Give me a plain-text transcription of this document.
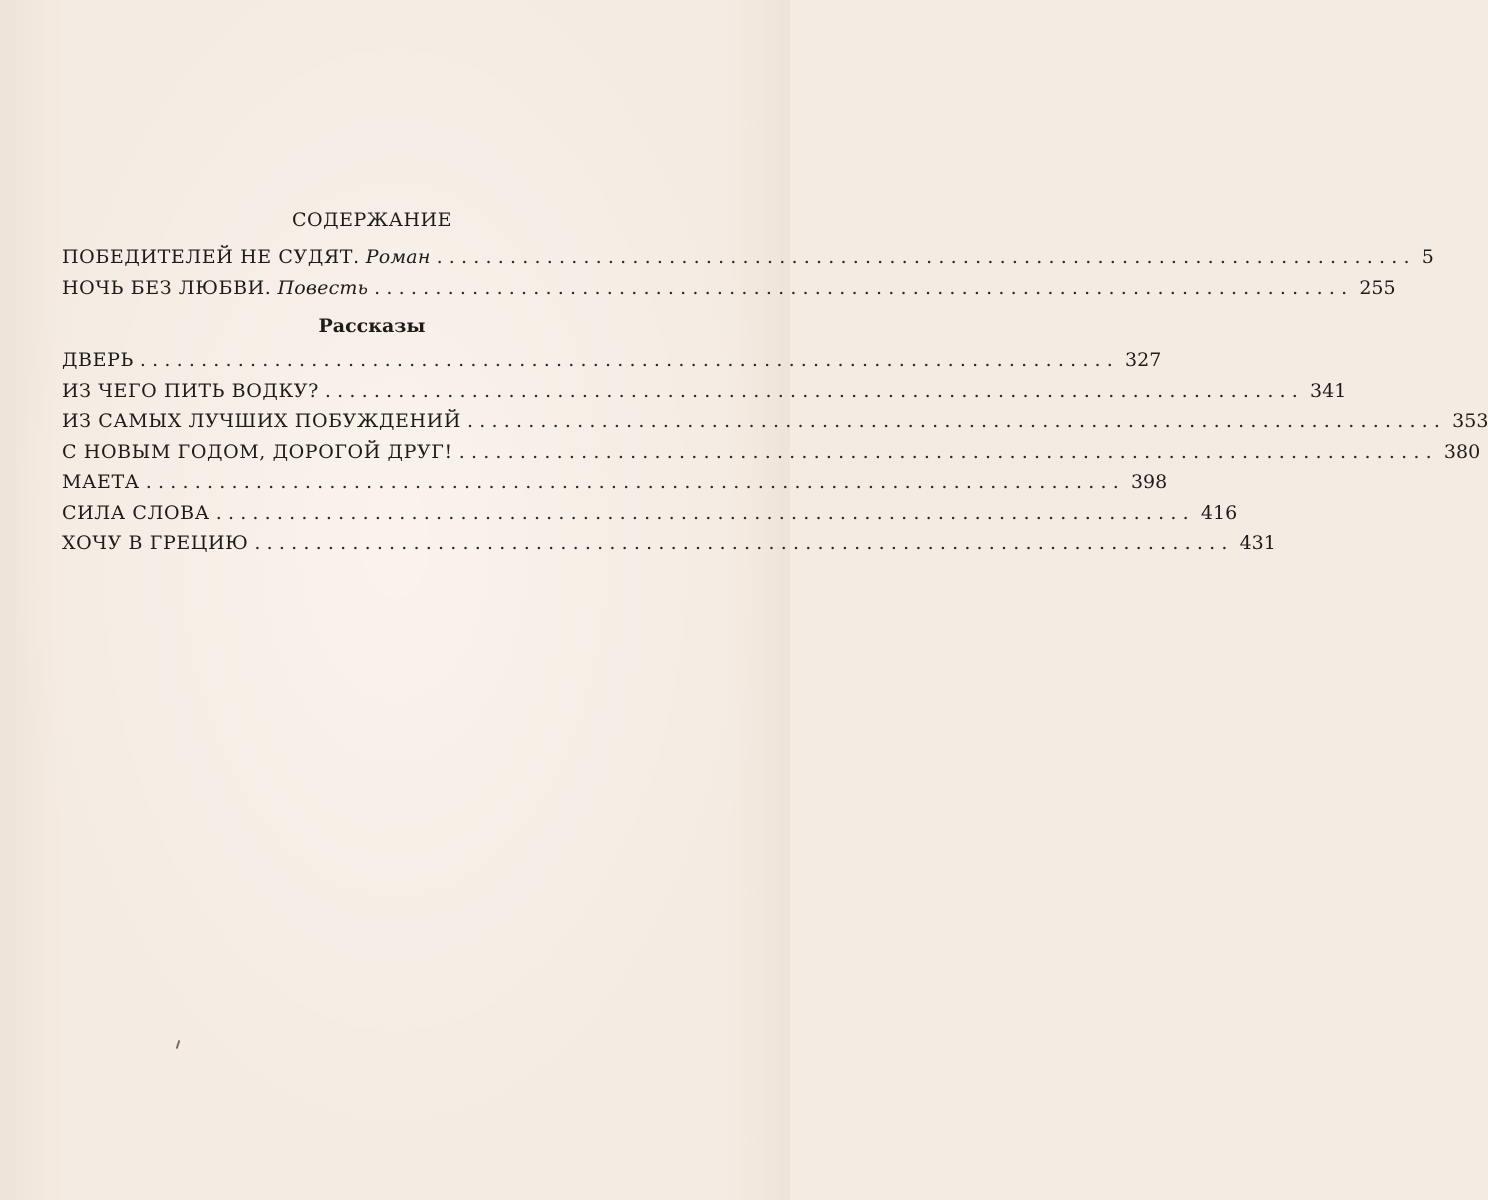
СОДЕРЖАНИЕ
ПОБЕДИТЕЛЕЙ НЕ СУДЯТ. Роман ................................................................................ 5
НОЧЬ БЕЗ ЛЮБВИ. Повесть ................................................................................ 255
Рассказы
ДВЕРЬ ................................................................................ 327
ИЗ ЧЕГО ПИТЬ ВОДКУ? ................................................................................ 341
ИЗ САМЫХ ЛУЧШИХ ПОБУЖДЕНИЙ ................................................................................ 353
С НОВЫМ ГОДОМ, ДОРОГОЙ ДРУГ! ................................................................................ 380
МАЕТА ................................................................................ 398
СИЛА СЛОВА ................................................................................ 416
ХОЧУ В ГРЕЦИЮ ................................................................................ 431
